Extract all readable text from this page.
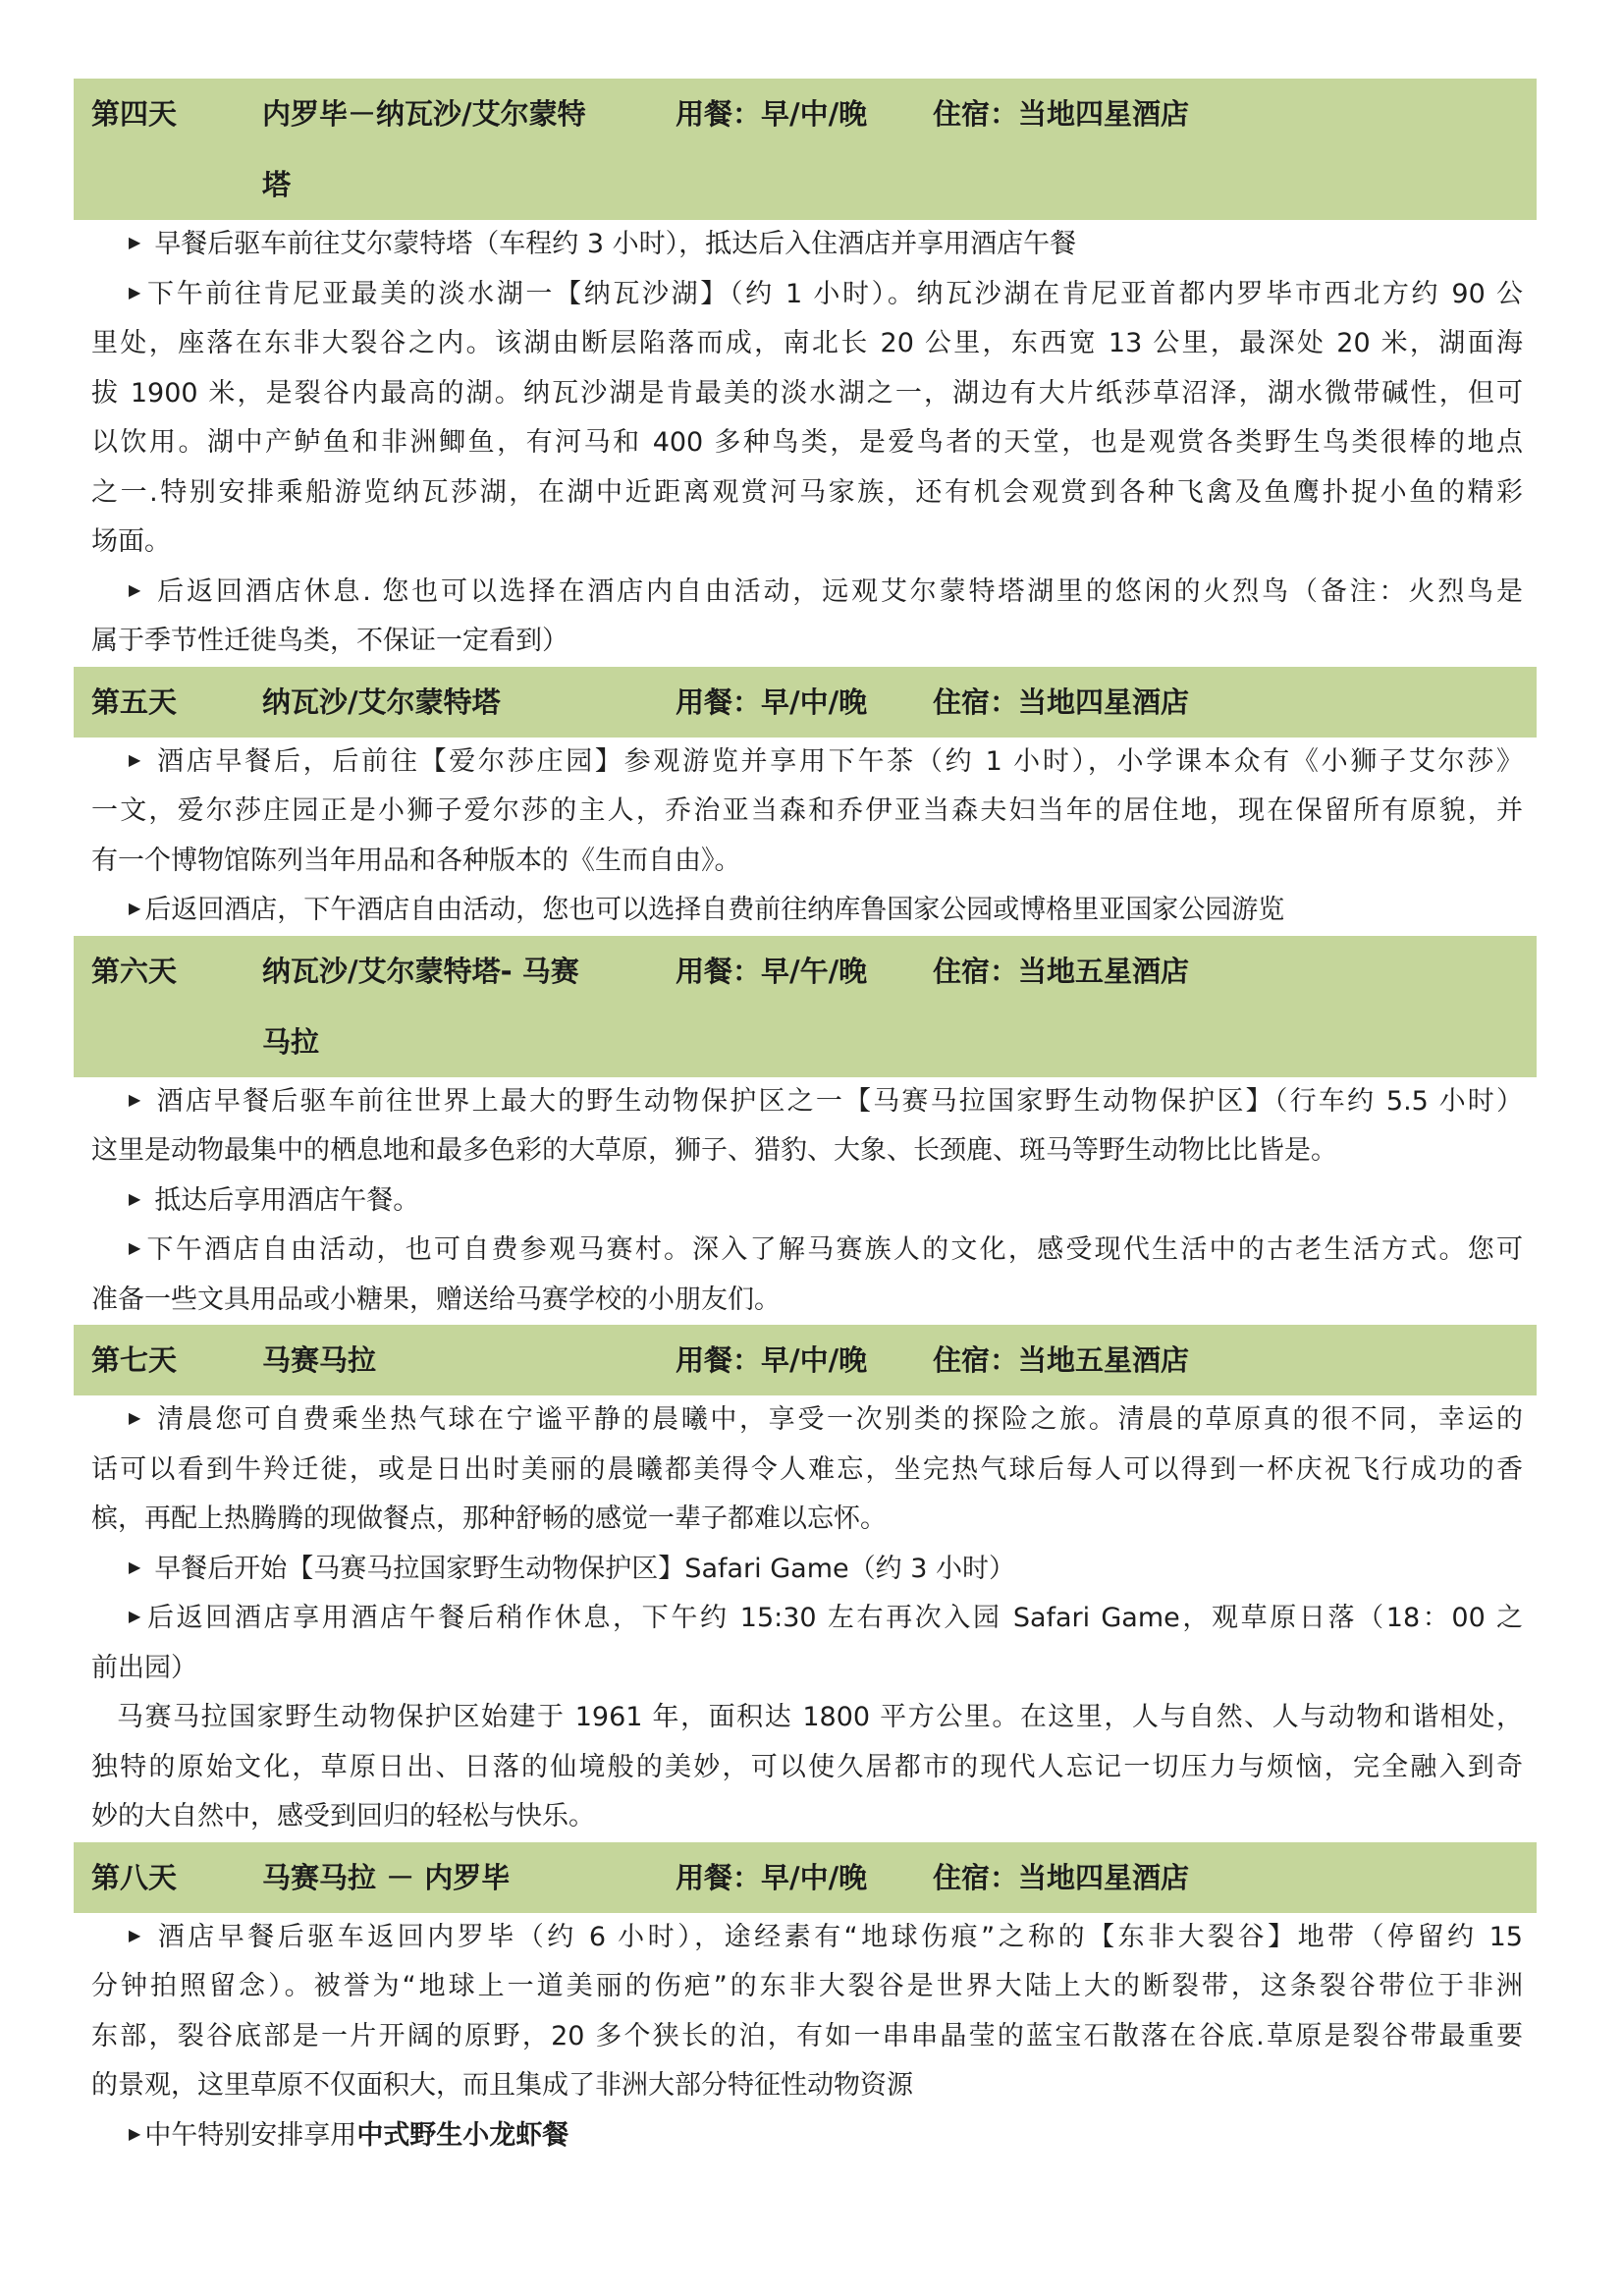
第四天	内罗毕－纳瓦沙/艾尔蒙特	用餐：早/中/晚 住宿：当地四星酒店
塔
▶ 早餐后驱车前往艾尔蒙特塔（车程约 3 小时），抵达后入住酒店并享用酒店午餐
▶ 下午前往肯尼亚最美的淡水湖一【纳瓦沙湖】（约 1 小时）。纳瓦沙湖在肯尼亚首都内罗毕市西北方约 90 公
里处，座落在东非大裂谷之内。该湖由断层陷落而成，南北长 20 公里，东西宽 13 公里，最深处 20 米，湖面海
拔 1900 米，是裂谷内最高的湖。纳瓦沙湖是肯最美的淡水湖之一，湖边有大片纸莎草沼泽，湖水微带碱性，但可
以饮用。湖中产鲈鱼和非洲鲫鱼，有河马和 400 多种鸟类，是爱鸟者的天堂，也是观赏各类野生鸟类很棒的地点
之一.特别安排乘船游览纳瓦莎湖，在湖中近距离观赏河马家族，还有机会观赏到各种飞禽及鱼鹰扑捉小鱼的精彩
场面。
▶ 后返回酒店休息. 您也可以选择在酒店内自由活动，远观艾尔蒙特塔湖里的悠闲的火烈鸟（备注：火烈鸟是
属于季节性迁徙鸟类，不保证一定看到）
第五天	纳瓦沙/艾尔蒙特塔	用餐：早/中/晚 住宿：当地四星酒店
▶ 酒店早餐后，后前往【爱尔莎庄园】参观游览并享用下午茶（约 1 小时），小学课本众有《小狮子艾尔莎》
一文，爱尔莎庄园正是小狮子爱尔莎的主人，乔治亚当森和乔伊亚当森夫妇当年的居住地，现在保留所有原貌，并
有一个博物馆陈列当年用品和各种版本的《生而自由》。
▶ 后返回酒店，下午酒店自由活动，您也可以选择自费前往纳库鲁国家公园或博格里亚国家公园游览
第六天	纳瓦沙/艾尔蒙特塔- 马赛	用餐：早/午/晚 住宿：当地五星酒店
马拉
▶ 酒店早餐后驱车前往世界上最大的野生动物保护区之一【马赛马拉国家野生动物保护区】（行车约 5.5 小时）
这里是动物最集中的栖息地和最多色彩的大草原，狮子、猎豹、大象、长颈鹿、斑马等野生动物比比皆是。
▶ 抵达后享用酒店午餐。
▶ 下午酒店自由活动，也可自费参观马赛村。深入了解马赛族人的文化，感受现代生活中的古老生活方式。您可
准备一些文具用品或小糖果，赠送给马赛学校的小朋友们。
第七天	马赛马拉	用餐：早/中/晚 住宿：当地五星酒店
▶ 清晨您可自费乘坐热气球在宁谧平静的晨曦中，享受一次别类的探险之旅。清晨的草原真的很不同，幸运的
话可以看到牛羚迁徙，或是日出时美丽的晨曦都美得令人难忘，坐完热气球后每人可以得到一杯庆祝飞行成功的香
槟，再配上热腾腾的现做餐点，那种舒畅的感觉一辈子都难以忘怀。
▶ 早餐后开始【马赛马拉国家野生动物保护区】Safari Game（约 3 小时）
▶ 后返回酒店享用酒店午餐后稍作休息，下午约 15:30 左右再次入园 Safari Game，观草原日落（18：00 之
前出园）
马赛马拉国家野生动物保护区始建于 1961 年，面积达 1800 平方公里。在这里，人与自然、人与动物和谐相处，
独特的原始文化，草原日出、日落的仙境般的美妙，可以使久居都市的现代人忘记一切压力与烦恼，完全融入到奇
妙的大自然中，感受到回归的轻松与快乐。
第八天	马赛马拉 － 内罗毕	用餐：早/中/晚 住宿：当地四星酒店
▶ 酒店早餐后驱车返回内罗毕（约 6 小时），途经素有“地球伤痕”之称的【东非大裂谷】地带（停留约 15
分钟拍照留念）。被誉为“地球上一道美丽的伤疤”的东非大裂谷是世界大陆上大的断裂带，这条裂谷带位于非洲
东部，裂谷底部是一片开阔的原野，20 多个狭长的泊，有如一串串晶莹的蓝宝石散落在谷底.草原是裂谷带最重要
的景观，这里草原不仅面积大，而且集成了非洲大部分特征性动物资源
▶ 中午特别安排享用中式野生小龙虾餐
